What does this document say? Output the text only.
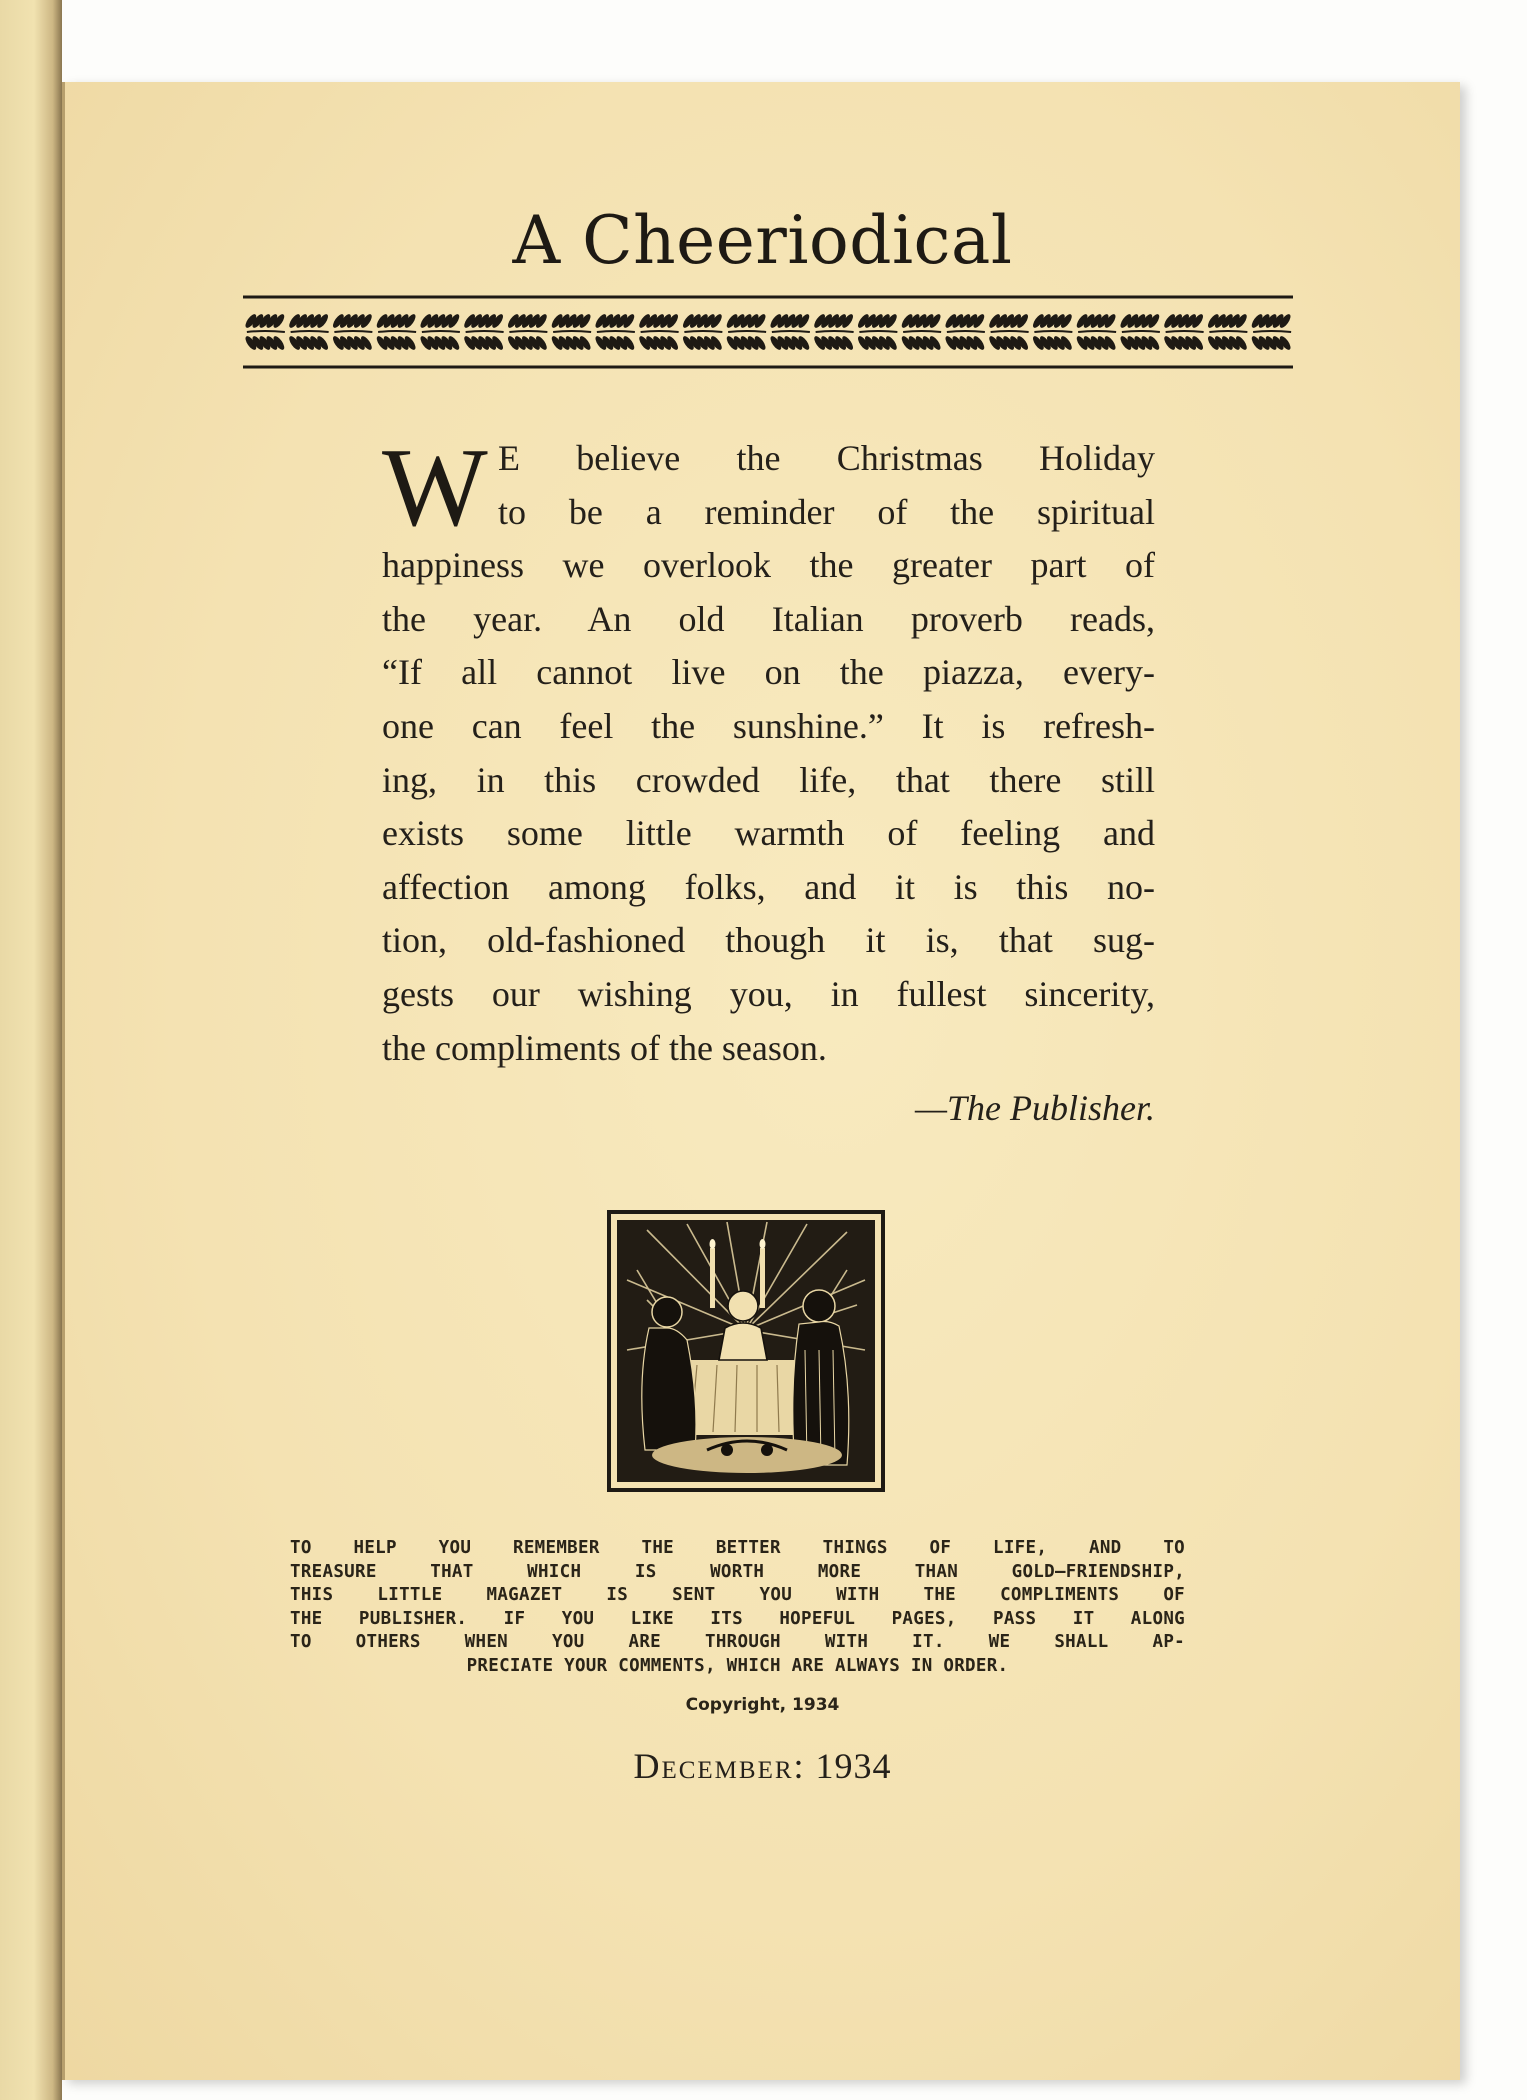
A Cheeriodical
W E believe the Christmas Holiday
to be a reminder of the spiritual
happiness we overlook the greater part of
the year. An old Italian proverb reads,
“If all cannot live on the piazza, every-
one can feel the sunshine.” It is refresh-
ing, in this crowded life, that there still
exists some little warmth of feeling and
affection among folks, and it is this no-
tion, old-fashioned though it is, that sug-
gests our wishing you, in fullest sincerity,
the compliments of the season.
—The Publisher.
TO HELP YOU REMEMBER THE BETTER THINGS OF LIFE, AND TO
TREASURE THAT WHICH IS WORTH MORE THAN GOLD—FRIENDSHIP,
THIS LITTLE MAGAZET IS SENT YOU WITH THE COMPLIMENTS OF
THE PUBLISHER. IF YOU LIKE ITS HOPEFUL PAGES, PASS IT ALONG
TO OTHERS WHEN YOU ARE THROUGH WITH IT. WE SHALL AP-
PRECIATE YOUR COMMENTS, WHICH ARE ALWAYS IN ORDER.
Copyright, 1934
December: 1934
